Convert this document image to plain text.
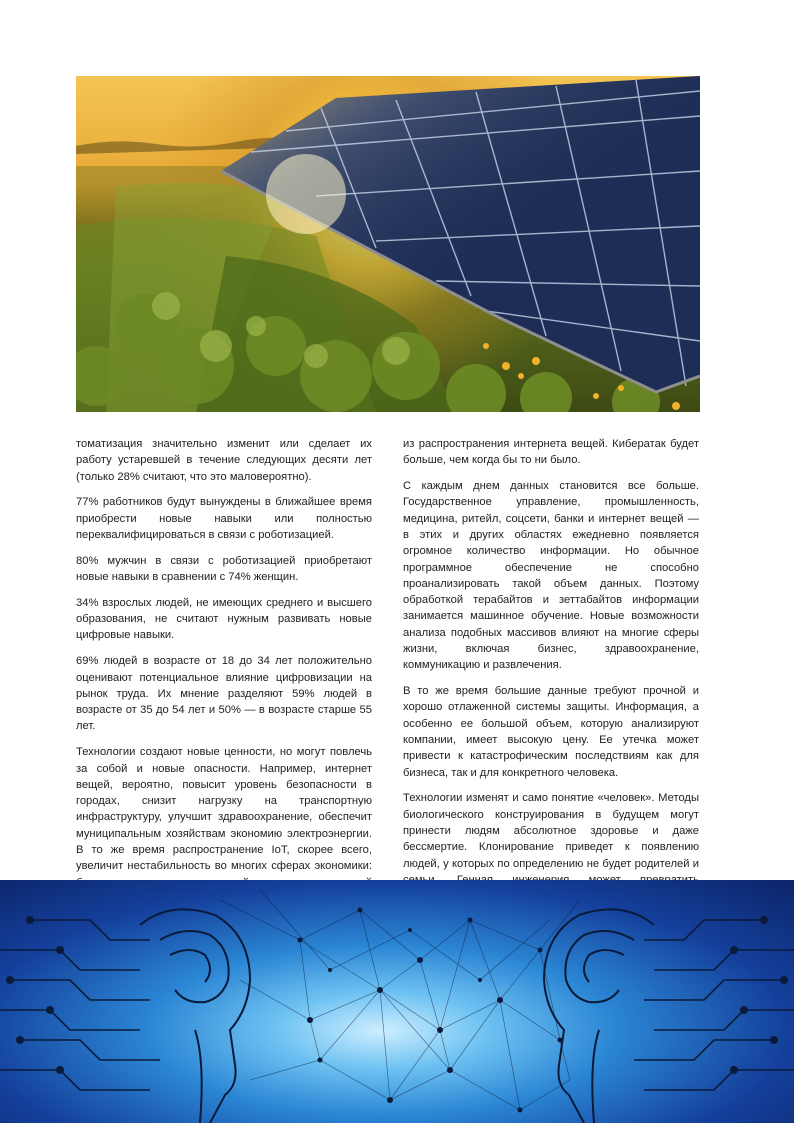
томатизация значительно изменит или сделает их работу устаревшей в течение следующих десяти лет (только 28% считают, что это маловероятно).

77% работников будут вынуждены в ближайшее время приобрести новые навыки или полностью переквалифицироваться в связи с роботизацией.

80% мужчин в связи с роботизацией приобретают новые навыки в сравнении с 74% женщин.

34% взрослых людей, не имеющих среднего и высшего образования, не считают нужным развивать новые цифровые навыки.

69% людей в возрасте от 18 до 34 лет положительно оценивают потенциальное влияние цифровизации на рынок труда. Их мнение разделяют 59% людей в возрасте от 35 до 54 лет и 50% — в возрасте старше 55 лет.

Технологии создают новые ценности, но могут повлечь за собой и новые опасности. Например, интернет вещей, вероятно, повысит уровень безопасности в городах, снизит нагрузку на транспортную инфраструктуру, улучшит здравоохранение, обеспечит муниципальным хозяйствам экономию электроэнергии. В то же время распространение IoT, скорее всего, увеличит нестабильность во многих сферах экономики:

из распространения интернета вещей. Кибератак будет больше, чем когда бы то ни было.

С каждым днем данных становится все больше. Государственное управление, промышленность, медицина, ритейл, соцсети, банки и интернет вещей — в этих и других областях ежедневно появляется огромное количество информации. Но обычное программное обеспечение не способно проанализировать такой объем данных. Поэтому обработкой терабайтов и зеттабайтов информации занимается машинное обучение. Новые возможности анализа подобных массивов влияют на многие сферы жизни, включая бизнес, здравоохранение, коммуникацию и развлечения.

В то же время большие данные требуют прочной и хорошо отлаженной системы защиты. Информация, а особенно ее большой объем, которую анализируют компании, имеет высокую цену. Ее утечка может привести к катастрофическим последствиям как для бизнеса, так и для конкретного человека.

Технологии изменят и само понятие «человек». Методы биологического конструирования в будущем могут принести людям абсолютное здоровье и даже бессмертие. Клонирование приведет к появлению людей, у которых по определению не будет родителей и
